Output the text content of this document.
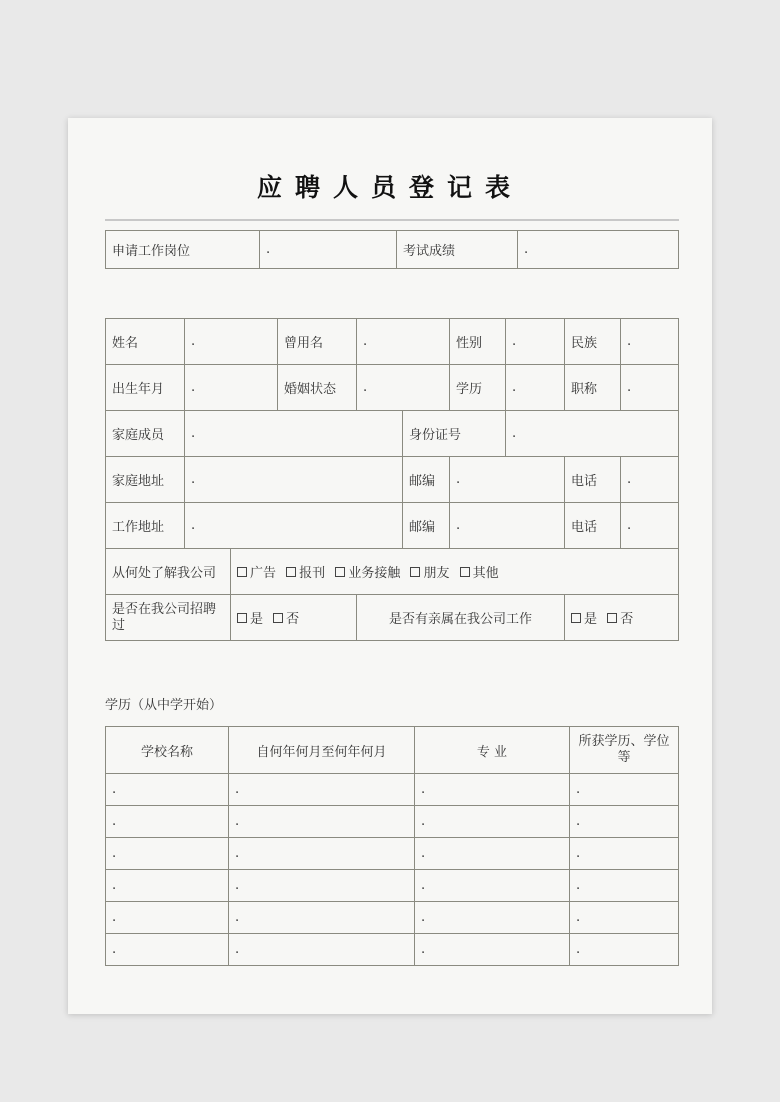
应聘人员登记表
申请工作岗位	.	考试成绩	.
姓名	.		曾用名	.		性别	.	民族	.
出生年月	.		婚姻状态	.		学历	.	职称	.
家庭成员	.				身份证号		.		
家庭地址	.				邮编	.		电话	.
工作地址	.				邮编	.		电话	.
从何处了解我公司		广告 报刊 业务接触 朋友 其他							
是否在我公司招聘过		是 否		是否有亲属在我公司工作				是 否	
学历（从中学开始）
学校名称	自何年何月至何年何月	专 业	所获学历、学位等
.	.	.	.
.	.	.	.
.	.	.	.
.	.	.	.
.	.	.	.
.	.	.	.
